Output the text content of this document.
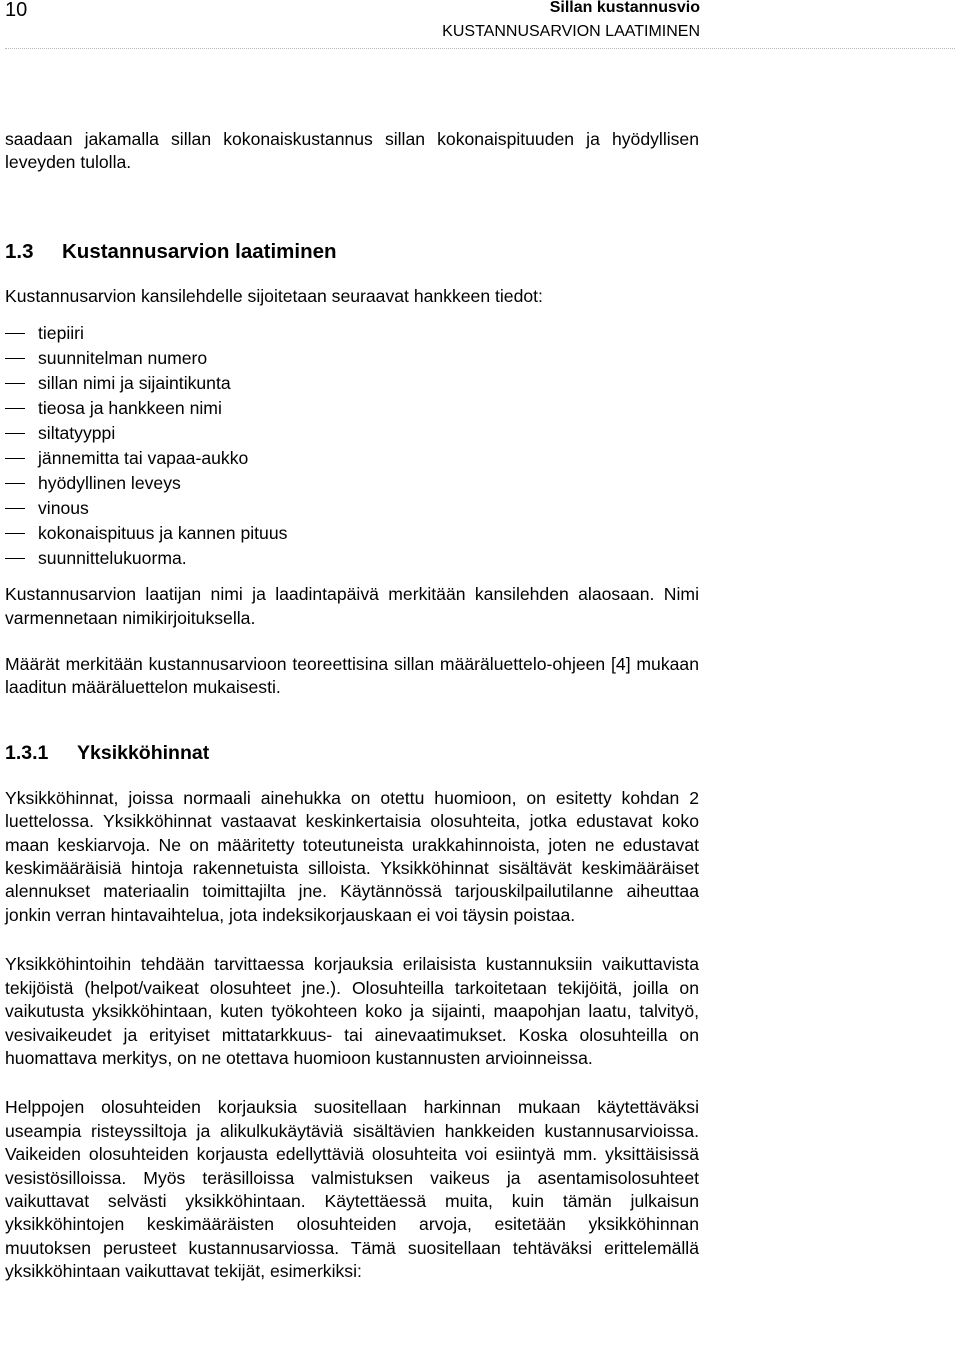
10	Sillan kustannusvio
KUSTANNUSARVION LAATIMINEN

saadaan jakamalla sillan kokonaiskustannus sillan kokonaispituuden ja hyödyllisen leveyden tulolla.

1.3 Kustannusarvion laatiminen

Kustannusarvion kansilehdelle sijoitetaan seuraavat hankkeen tiedot:

tiepiiri
suunnitelman numero
sillan nimi ja sijaintikunta
tieosa ja hankkeen nimi
siltatyyppi
jännemitta tai vapaa-aukko
hyödyllinen leveys
vinous
kokonaispituus ja kannen pituus
suunnittelukuorma.

Kustannusarvion laatijan nimi ja laadintapäivä merkitään kansilehden alaosaan. Nimi varmennetaan nimikirjoituksella.

Määrät merkitään kustannusarvioon teoreettisina sillan määräluettelo-ohjeen [4] mukaan laaditun määräluettelon mukaisesti.

1.3.1 Yksikköhinnat

Yksikköhinnat, joissa normaali ainehukka on otettu huomioon, on esitetty kohdan 2 luettelossa. Yksikköhinnat vastaavat keskinkertaisia olosuhteita, jotka edustavat koko maan keskiarvoja. Ne on määritetty toteutuneista urakkahinnoista, joten ne edustavat keskimääräisiä hintoja rakennetuista silloista. Yksikköhinnat sisältävät keskimääräiset alennukset materiaalin toimittajilta jne. Käytännössä tarjouskilpailutilanne aiheuttaa jonkin verran hintavaihtelua, jota indeksikorjauskaan ei voi täysin poistaa.

Yksikköhintoihin tehdään tarvittaessa korjauksia erilaisista kustannuksiin vaikuttavista tekijöistä (helpot/vaikeat olosuhteet jne.). Olosuhteilla tarkoitetaan tekijöitä, joilla on vaikutusta yksikköhintaan, kuten työkohteen koko ja sijainti, maapohjan laatu, talvityö, vesivaikeudet ja erityiset mittatarkkuus- tai ainevaatimukset. Koska olosuhteilla on huomattava merkitys, on ne otettava huomioon kustannusten arvioinneissa.

Helppojen olosuhteiden korjauksia suositellaan harkinnan mukaan käytettäväksi useampia risteyssiltoja ja alikulkukäytäviä sisältävien hankkeiden kustannusarvioissa. Vaikeiden olosuhteiden korjausta edellyttäviä olosuhteita voi esiintyä mm. yksittäisissä vesistösilloissa. Myös teräsilloissa valmistuksen vaikeus ja asentamisolosuhteet vaikuttavat selvästi yksikköhintaan. Käytettäessä muita, kuin tämän julkaisun yksikköhintojen keskimääräisten olosuhteiden arvoja, esitetään yksikköhinnan muutoksen perusteet kustannusarviossa. Tämä suositellaan tehtäväksi erittelemällä yksikköhintaan vaikuttavat tekijät, esimerkiksi:
